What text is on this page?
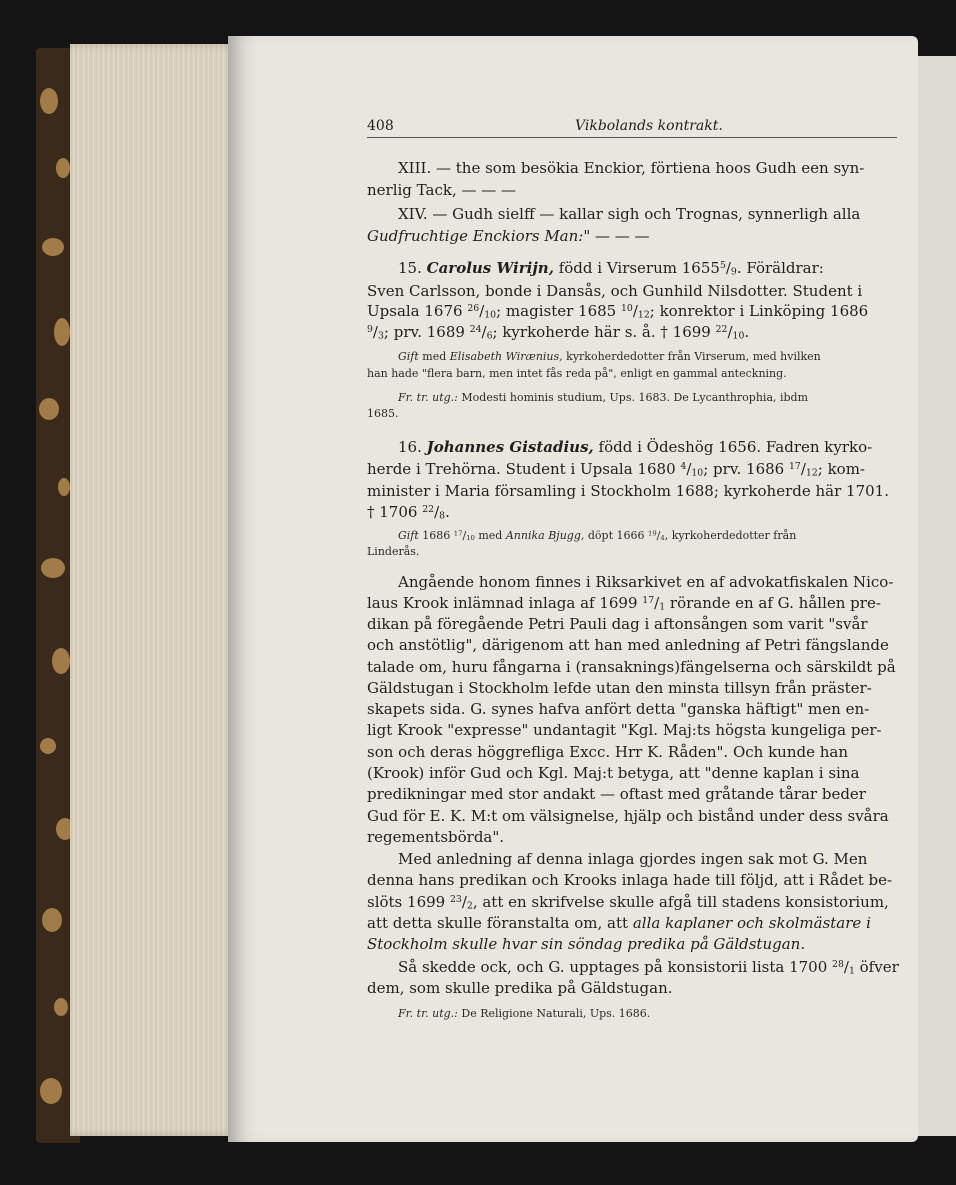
408	Vikbolands kontrakt.
XIII. — the som besökia Enckior, förtiena hoos Gudh een syn-
nerlig Tack, — — —
XIV. — Gudh sielff — kallar sigh och Trognas, synnerligh alla
Gudfruchtige Enckiors Man:" — — —
15. Carolus Wirijn, född i Virserum $1655^5/_9$. Föräldrar:
Sven Carlsson, bonde i Dansås, och Gunhild Nilsdotter. Student i
Upsala 1676 $^{26}/_{10}$; magister 1685 $^{10}/_{12}$; konrektor i Linköping 1686
$^9/_3$; prv. 1689 $^{24}/_6$; kyrkoherde här s. å. † 1699 $^{22}/_{10}$.
Gift med Elisabeth Wirænius, kyrkoherdedotter från Virserum, med hvilken
han hade "flera barn, men intet fås reda på", enligt en gammal anteckning.
Fr. tr. utg.: Modesti hominis studium, Ups. 1683. De Lycanthrophia, ibdm
1685.
16. Johannes Gistadius, född i Ödeshög 1656. Fadren kyrko-
herde i Trehörna. Student i Upsala 1680 $^4/_{10}$; prv. 1686 $^{17}/_{12}$; kom-
minister i Maria församling i Stockholm 1688; kyrkoherde här 1701.
† 1706 $^{22}/_8$.
Gift 1686 $^{17}/_{10}$ med Annika Bjugg, döpt 1666 $^{19}/_4$, kyrkoherdedotter från
Linderås.
Angående honom finnes i Riksarkivet en af advokatfiskalen Nico-
laus Krook inlämnad inlaga af 1699 $^{17}/_1$ rörande en af G. hållen pre-
dikan på föregående Petri Pauli dag i aftonsången som varit "svår
och anstötlig", därigenom att han med anledning af Petri fängslande
talade om, huru fångarna i (ransaknings)fängelserna och särskildt på
Gäldstugan i Stockholm lefde utan den minsta tillsyn från präster-
skapets sida. G. synes hafva anfört detta "ganska häftigt" men en-
ligt Krook "expresse" undantagit "Kgl. Maj:ts högsta kungeliga per-
son och deras höggrefliga Excc. Hrr K. Råden". Och kunde han
(Krook) inför Gud och Kgl. Maj:t betyga, att "denne kaplan i sina
predikningar med stor andakt — oftast med gråtande tårar beder
Gud för E. K. M:t om välsignelse, hjälp och bistånd under dess svåra
regementsbörda".
Med anledning af denna inlaga gjordes ingen sak mot G. Men
denna hans predikan och Krooks inlaga hade till följd, att i Rådet be-
slöts 1699 $^{23}/_2$, att en skrifvelse skulle afgå till stadens konsistorium,
att detta skulle föranstalta om, att alla kaplaner och skolmästare i
Stockholm skulle hvar sin söndag predika på Gäldstugan.
Så skedde ock, och G. upptages på konsistorii lista 1700 $^{28}/_1$ öfver
dem, som skulle predika på Gäldstugan.
Fr. tr. utg.: De Religione Naturali, Ups. 1686.
